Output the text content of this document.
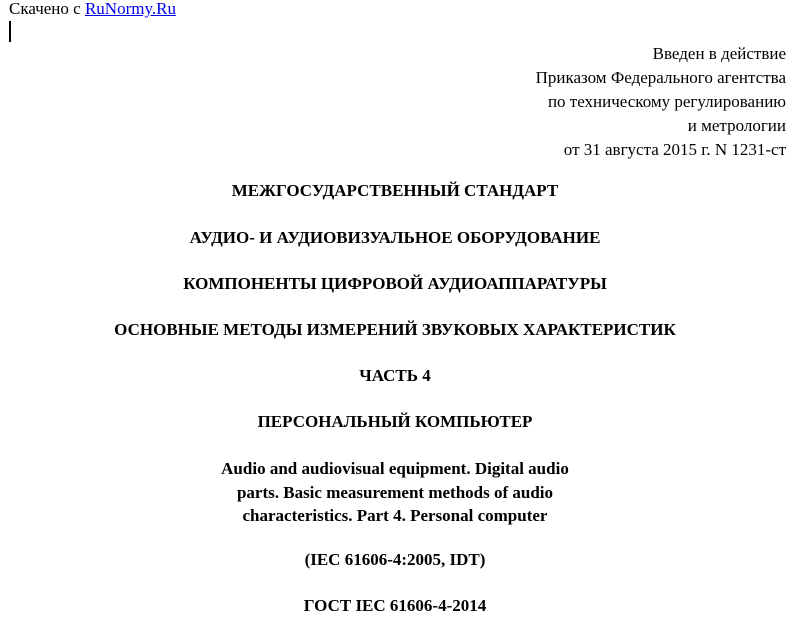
Скачено с RuNormy.Ru
Введен в действие
Приказом Федерального агентства
по техническому регулированию
и метрологии
от 31 августа 2015 г. N 1231-ст
МЕЖГОСУДАРСТВЕННЫЙ СТАНДАРТ
АУДИО- И АУДИОВИЗУАЛЬНОЕ ОБОРУДОВАНИЕ
КОМПОНЕНТЫ ЦИФРОВОЙ АУДИОАППАРАТУРЫ
ОСНОВНЫЕ МЕТОДЫ ИЗМЕРЕНИЙ ЗВУКОВЫХ ХАРАКТЕРИСТИК
ЧАСТЬ 4
ПЕРСОНАЛЬНЫЙ КОМПЬЮТЕР
Audio and audiovisual equipment. Digital audio
parts. Basic measurement methods of audio
characteristics. Part 4. Personal computer
(IEC 61606-4:2005, IDT)
ГОСТ IEC 61606-4-2014
